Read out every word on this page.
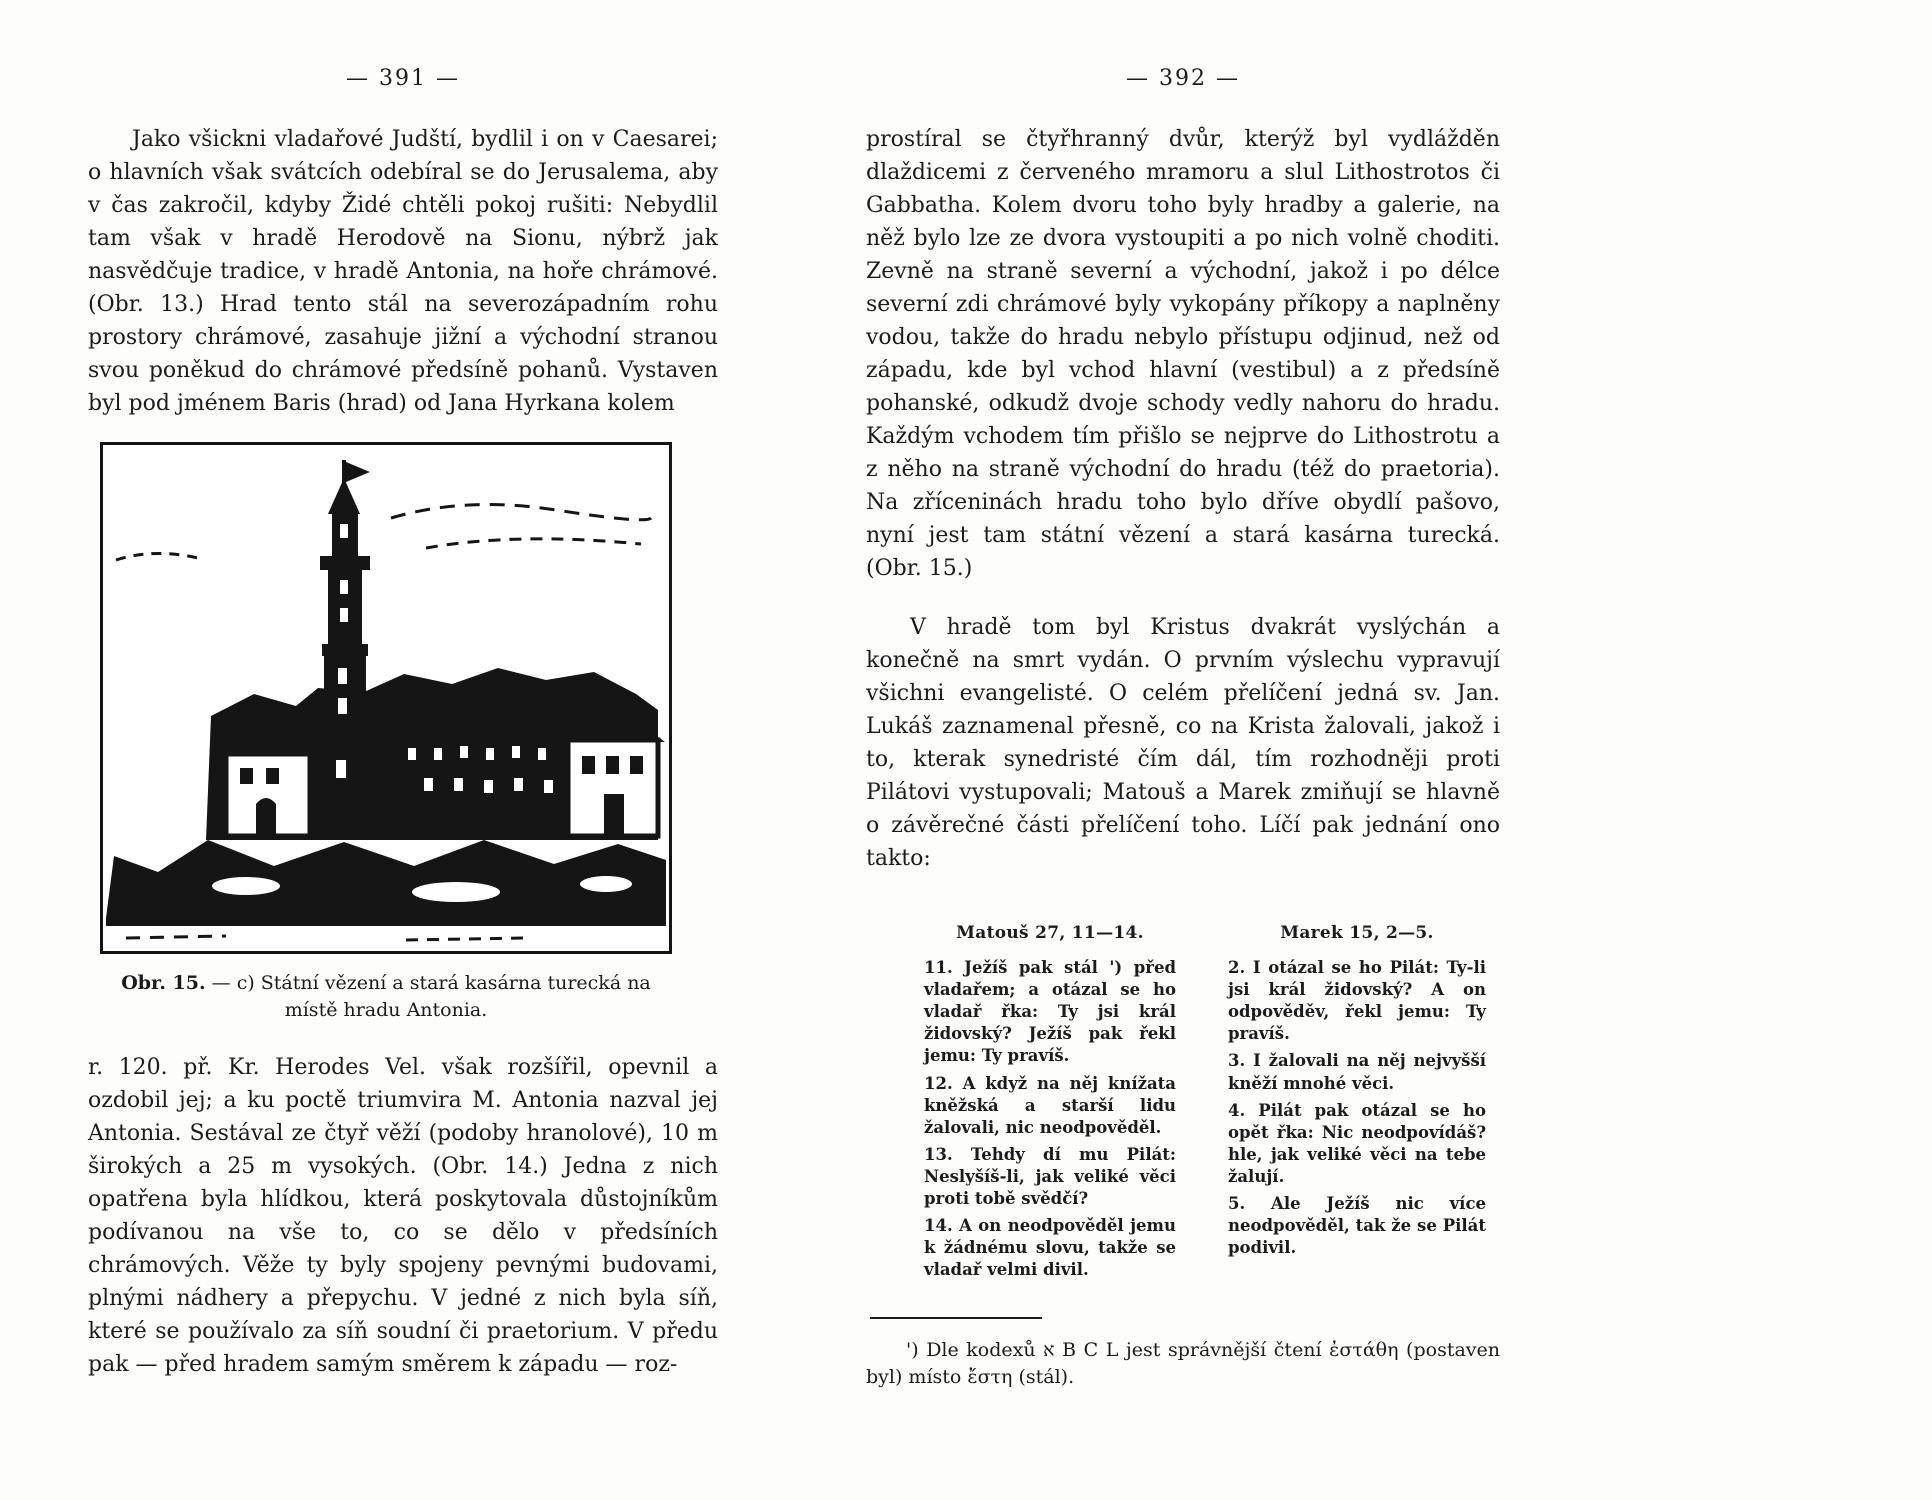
— 391 —

Jako všickni vladařové Judští, bydlil i on v Caesarei; o hlavních však svátcích odebíral se do Jerusalema, aby v čas zakročil, kdyby Židé chtěli pokoj rušiti: Nebydlil tam však v hradě Herodově na Sionu, nýbrž jak nasvědčuje tradice, v hradě Antonia, na hoře chrámové. (Obr. 13.) Hrad tento stál na severozápadním rohu prostory chrámové, zasahuje jižní a východní stranou svou poněkud do chrámové předsíně pohanů. Vystaven byl pod jménem Baris (hrad) od Jana Hyrkana kolem

Obr. 15. — c) Státní vězení a stará kasárna turecká na místě hradu Antonia.

r. 120. př. Kr. Herodes Vel. však rozšířil, opevnil a ozdobil jej; a ku poctě triumvira M. Antonia nazval jej Antonia. Sestával ze čtyř věží (podoby hranolové), 10 m širokých a 25 m vysokých. (Obr. 14.) Jedna z nich opatřena byla hlídkou, která poskytovala důstojníkům podívanou na vše to, co se dělo v předsíních chrámových. Věže ty byly spojeny pevnými budovami, plnými nádhery a přepychu. V jedné z nich byla síň, které se používalo za síň soudní či praetorium. V předu pak — před hradem samým směrem k západu — roz-

— 392 —

prostíral se čtyřhranný dvůr, kterýž byl vydlážděn dlaždicemi z červeného mramoru a slul Lithostrotos či Gabbatha. Kolem dvoru toho byly hradby a galerie, na něž bylo lze ze dvora vystoupiti a po nich volně choditi. Zevně na straně severní a východní, jakož i po délce severní zdi chrámové byly vykopány příkopy a naplněny vodou, takže do hradu nebylo přístupu odjinud, než od západu, kde byl vchod hlavní (vestibul) a z předsíně pohanské, odkudž dvoje schody vedly nahoru do hradu. Každým vchodem tím přišlo se nejprve do Lithostrotu a z něho na straně východní do hradu (též do praetoria). Na zříceninách hradu toho bylo dříve obydlí pašovo, nyní jest tam státní vězení a stará kasárna turecká. (Obr. 15.)

V hradě tom byl Kristus dvakrát vyslýchán a konečně na smrt vydán. O prvním výslechu vypravují všichni evangelisté. O celém přelíčení jedná sv. Jan. Lukáš zaznamenal přesně, co na Krista žalovali, jakož i to, kterak synedristé čím dál, tím rozhodněji proti Pilátovi vystupovali; Matouš a Marek zmiňují se hlavně o závěrečné části přelíčení toho. Líčí pak jednání ono takto:

Matouš 27, 11—14.

11. Ježíš pak stál ') před vladařem; a otázal se ho vladař řka: Ty jsi král židovský? Ježíš pak řekl jemu: Ty pravíš.

12. A když na něj knížata kněžská a starší lidu žalovali, nic neodpověděl.

13. Tehdy dí mu Pilát: Neslyšíš-li, jak veliké věci proti tobě svědčí?

14. A on neodpověděl jemu k žádnému slovu, takže se vladař velmi divil.

Marek 15, 2—5.

2. I otázal se ho Pilát: Ty-li jsi král židovský? A on odpověděv, řekl jemu: Ty pravíš.

3. I žalovali na něj nejvyšší kněží mnohé věci.

4. Pilát pak otázal se ho opět řka: Nic neodpovídáš? hle, jak veliké věci na tebe žalují.

5. Ale Ježíš nic více neodpověděl, tak že se Pilát podivil.

') Dle kodexů א B C L jest správnější čtení ἐστάθη (postaven byl) místo ἔστη (stál).
